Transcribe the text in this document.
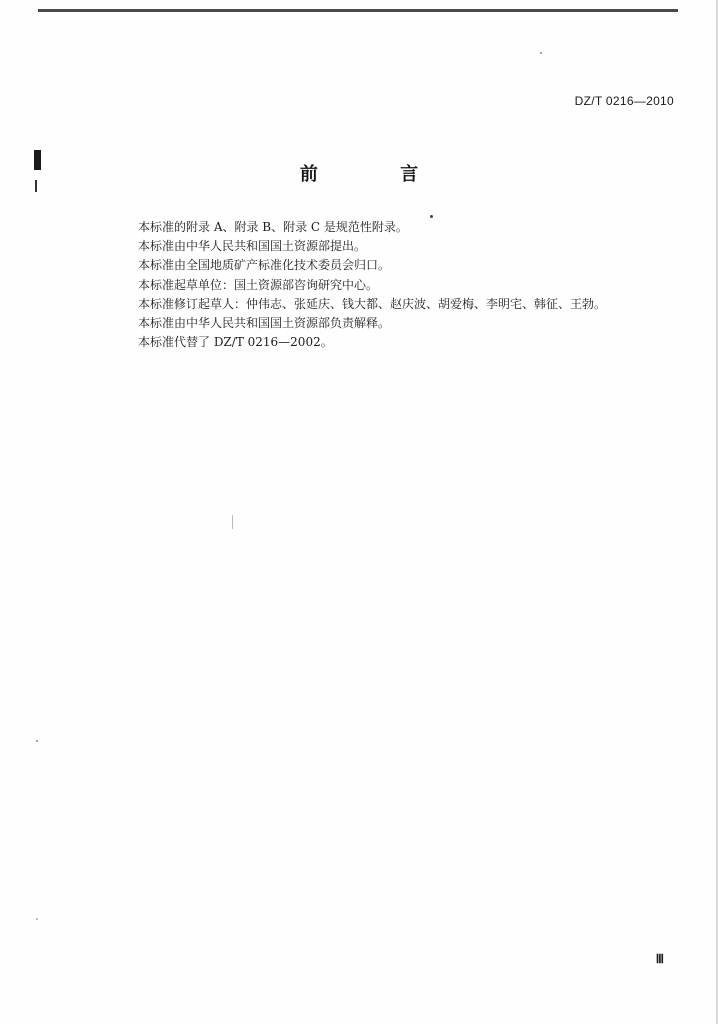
DZ/T 0216—2010
前 言

本标准的附录 A、附录 B、附录 C 是规范性附录。

本标准由中华人民共和国国土资源部提出。

本标准由全国地质矿产标准化技术委员会归口。

本标准起草单位：国土资源部咨询研究中心。

本标准修订起草人：仲伟志、张延庆、钱大都、赵庆波、胡爱梅、李明宅、韩征、王勃。

本标准由中华人民共和国国土资源部负责解释。

本标准代替了 DZ/T 0216—2002。

Ⅲ
